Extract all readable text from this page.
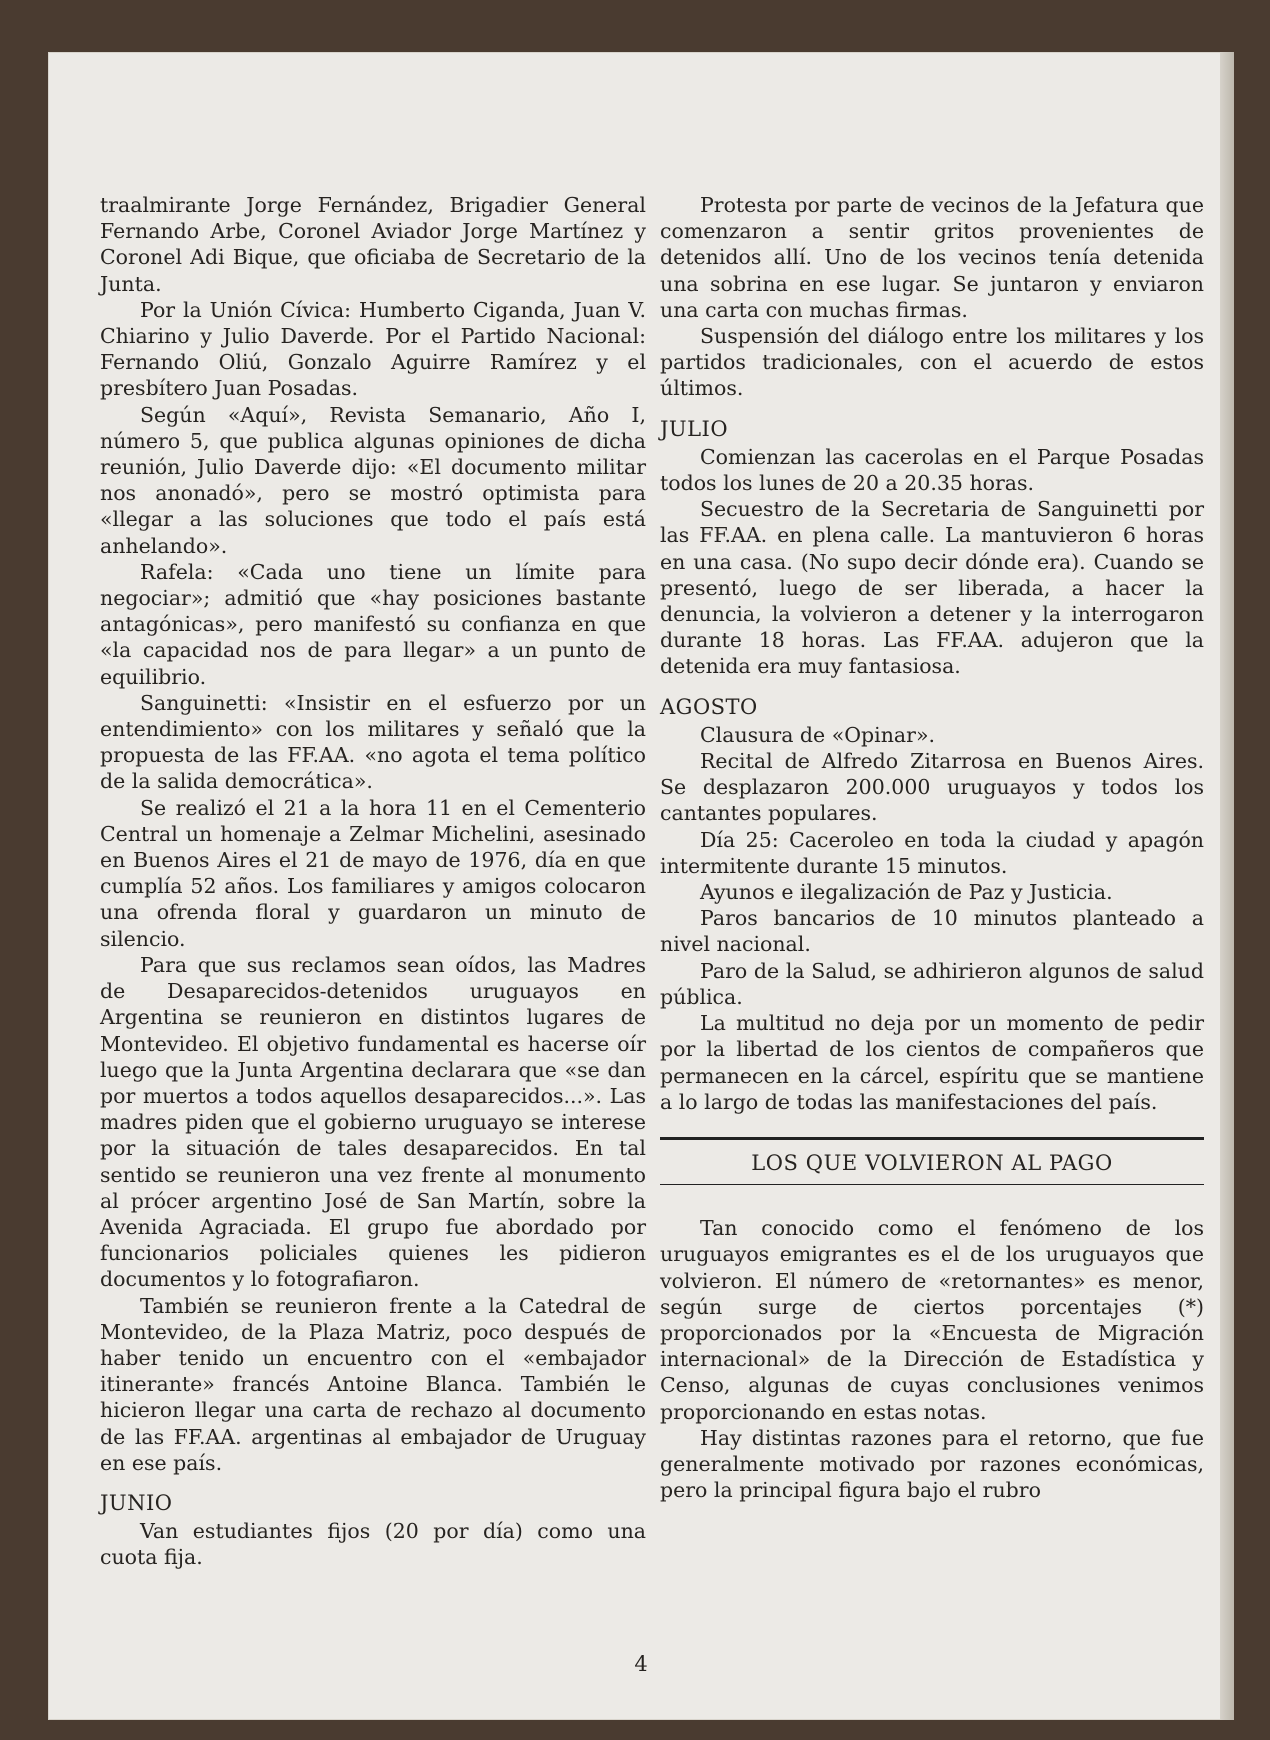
traalmirante Jorge Fernández, Brigadier General Fernando Arbe, Coronel Aviador Jorge Martínez y Coronel Adi Bique, que oficiaba de Secretario de la Junta.

Por la Unión Cívica: Humberto Ciganda, Juan V. Chiarino y Julio Daverde. Por el Partido Nacional: Fernando Oliú, Gonzalo Aguirre Ramírez y el presbítero Juan Posadas.

Según «Aquí», Revista Semanario, Año I, número 5, que publica algunas opiniones de dicha reunión, Julio Daverde dijo: «El documento militar nos anonadó», pero se mostró optimista para «llegar a las soluciones que todo el país está anhelando».

Rafela: «Cada uno tiene un límite para negociar»; admitió que «hay posiciones bastante antagónicas», pero manifestó su confianza en que «la capacidad nos de para llegar» a un punto de equilibrio.

Sanguinetti: «Insistir en el esfuerzo por un entendimiento» con los militares y señaló que la propuesta de las FF.AA. «no agota el tema político de la salida democrática».

Se realizó el 21 a la hora 11 en el Cementerio Central un homenaje a Zelmar Michelini, asesinado en Buenos Aires el 21 de mayo de 1976, día en que cumplía 52 años. Los familiares y amigos colocaron una ofrenda floral y guardaron un minuto de silencio.

Para que sus reclamos sean oídos, las Madres de Desaparecidos-detenidos uruguayos en Argentina se reunieron en distintos lugares de Montevideo. El objetivo fundamental es hacerse oír luego que la Junta Argentina declarara que «se dan por muertos a todos aquellos desaparecidos...». Las madres piden que el gobierno uruguayo se interese por la situación de tales desaparecidos. En tal sentido se reunieron una vez frente al monumento al prócer argentino José de San Martín, sobre la Avenida Agraciada. El grupo fue abordado por funcionarios policiales quienes les pidieron documentos y lo fotografiaron.

También se reunieron frente a la Catedral de Montevideo, de la Plaza Matriz, poco después de haber tenido un encuentro con el «embajador itinerante» francés Antoine Blanca. También le hicieron llegar una carta de rechazo al documento de las FF.AA. argentinas al embajador de Uruguay en ese país.

JUNIO

Van estudiantes fijos (20 por día) como una cuota fija.

Protesta por parte de vecinos de la Jefatura que comenzaron a sentir gritos provenientes de detenidos allí. Uno de los vecinos tenía detenida una sobrina en ese lugar. Se juntaron y enviaron una carta con muchas firmas.

Suspensión del diálogo entre los militares y los partidos tradicionales, con el acuerdo de estos últimos.

JULIO

Comienzan las cacerolas en el Parque Posadas todos los lunes de 20 a 20.35 horas.

Secuestro de la Secretaria de Sanguinetti por las FF.AA. en plena calle. La mantuvieron 6 horas en una casa. (No supo decir dónde era). Cuando se presentó, luego de ser liberada, a hacer la denuncia, la volvieron a detener y la interrogaron durante 18 horas. Las FF.AA. adujeron que la detenida era muy fantasiosa.

AGOSTO

Clausura de «Opinar».

Recital de Alfredo Zitarrosa en Buenos Aires. Se desplazaron 200.000 uruguayos y todos los cantantes populares.

Día 25: Caceroleo en toda la ciudad y apagón intermitente durante 15 minutos.

Ayunos e ilegalización de Paz y Justicia.

Paros bancarios de 10 minutos planteado a nivel nacional.

Paro de la Salud, se adhirieron algunos de salud pública.

La multitud no deja por un momento de pedir por la libertad de los cientos de compañeros que permanecen en la cárcel, espíritu que se mantiene a lo largo de todas las manifestaciones del país.

LOS QUE VOLVIERON AL PAGO

Tan conocido como el fenómeno de los uruguayos emigrantes es el de los uruguayos que volvieron. El número de «retornantes» es menor, según surge de ciertos porcentajes (*) proporcionados por la «Encuesta de Migración internacional» de la Dirección de Estadística y Censo, algunas de cuyas conclusiones venimos proporcionando en estas notas.

Hay distintas razones para el retorno, que fue generalmente motivado por razones económicas, pero la principal figura bajo el rubro

4
